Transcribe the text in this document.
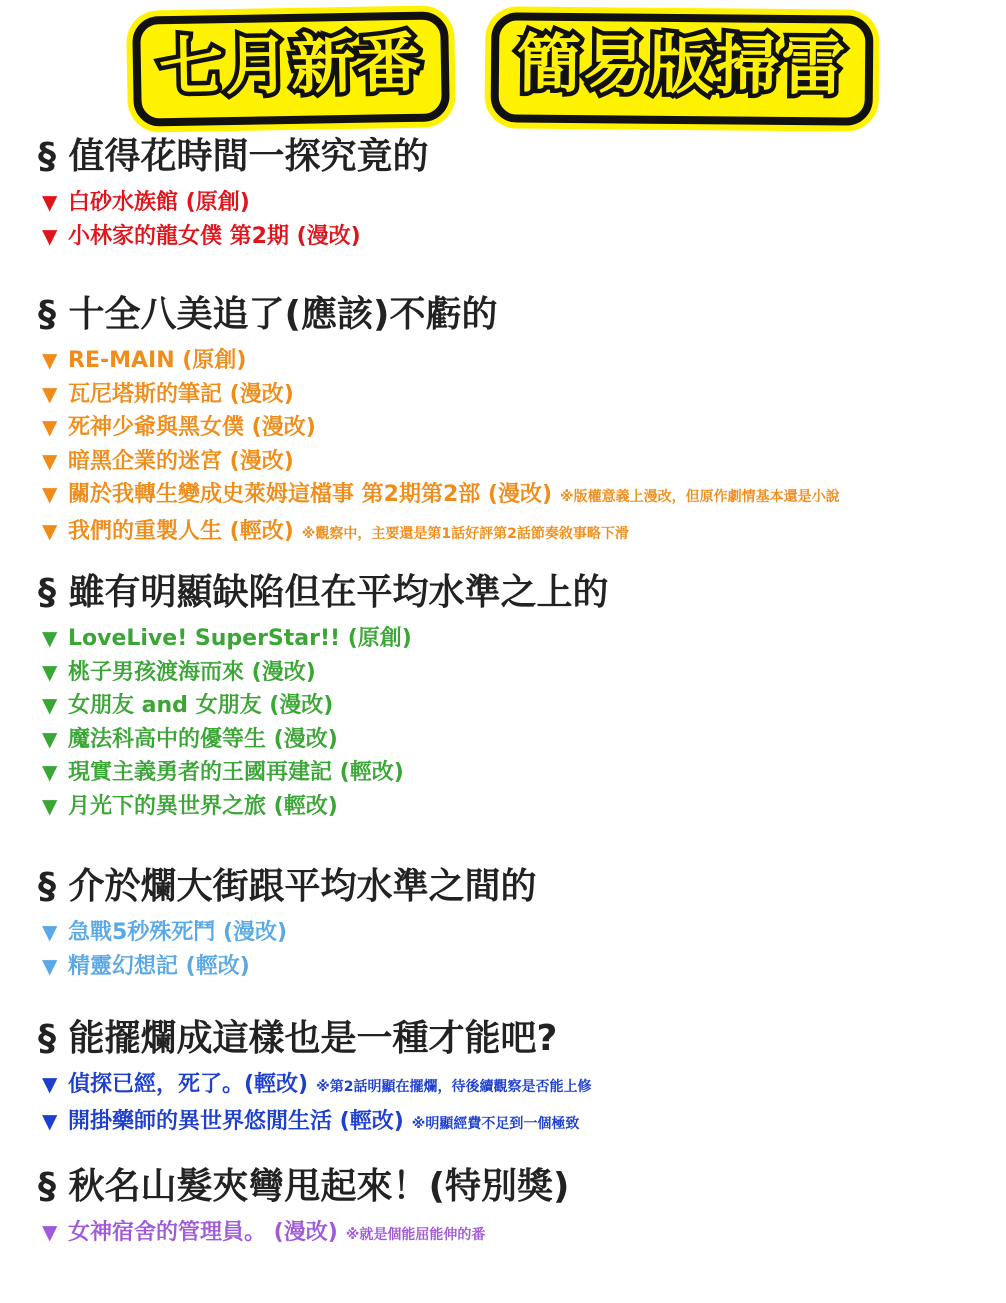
七月新番	簡易版掃雷
§ 值得花時間一探究竟的
▼ 白砂水族館 (原創)
▼ 小林家的龍女僕 第2期 (漫改)
§ 十全八美追了(應該)不虧的
▼ RE-MAIN (原創)
▼ 瓦尼塔斯的筆記 (漫改)
▼ 死神少爺與黑女僕 (漫改)
▼ 暗黑企業的迷宮 (漫改)
▼ 關於我轉生變成史萊姆這檔事 第2期第2部 (漫改) ※版權意義上漫改，但原作劇情基本還是小說
▼ 我們的重製人生 (輕改) ※觀察中，主要還是第1話好評第2話節奏敘事略下滑
§ 雖有明顯缺陷但在平均水準之上的
▼ LoveLive! SuperStar!! (原創)
▼ 桃子男孩渡海而來 (漫改)
▼ 女朋友 and 女朋友 (漫改)
▼ 魔法科高中的優等生 (漫改)
▼ 現實主義勇者的王國再建記 (輕改)
▼ 月光下的異世界之旅 (輕改)
§ 介於爛大街跟平均水準之間的
▼ 急戰5秒殊死鬥 (漫改)
▼ 精靈幻想記 (輕改)
§ 能擺爛成這樣也是一種才能吧?
▼ 偵探已經，死了。(輕改) ※第2話明顯在擺爛，待後續觀察是否能上修
▼ 開掛藥師的異世界悠閒生活 (輕改) ※明顯經費不足到一個極致
§ 秋名山髮夾彎甩起來！(特別獎)
▼ 女神宿舍的管理員。 (漫改) ※就是個能屈能伸的番
